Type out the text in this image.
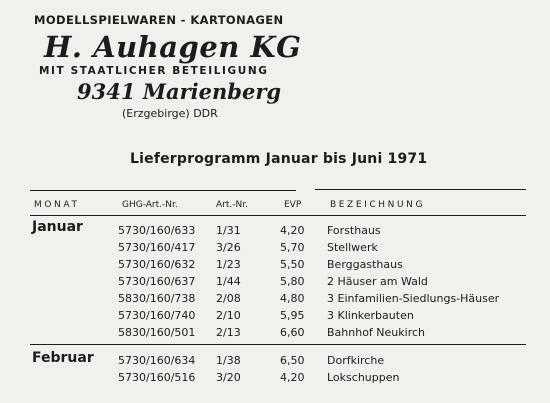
MODELLSPIELWAREN - KARTONAGEN
H. Auhagen KG
MIT STAATLICHER BETEILIGUNG
9341 Marienberg
(Erzgebirge) DDR
Lieferprogramm Januar bis Juni 1971
MONAT	GHG-Art.-Nr.	Art.-Nr.	EVP	BEZEICHNUNG
Januar	5730/160/633 1/31	4,20 Forsthaus
5730/160/417 3/26	5,70 Stellwerk
5730/160/632 1/23	5,50 Berggasthaus
5730/160/637 1/44	5,80 2 Häuser am Wald
5830/160/738 2/08	4,80 3 Einfamilien-Siedlungs-Häuser
5730/160/740 2/10	5,95 3 Klinkerbauten
5830/160/501 2/13	6,60 Bahnhof Neukirch
Februar 5730/160/634 1/38	6,50 Dorfkirche
5730/160/516 3/20	4,20 Lokschuppen
